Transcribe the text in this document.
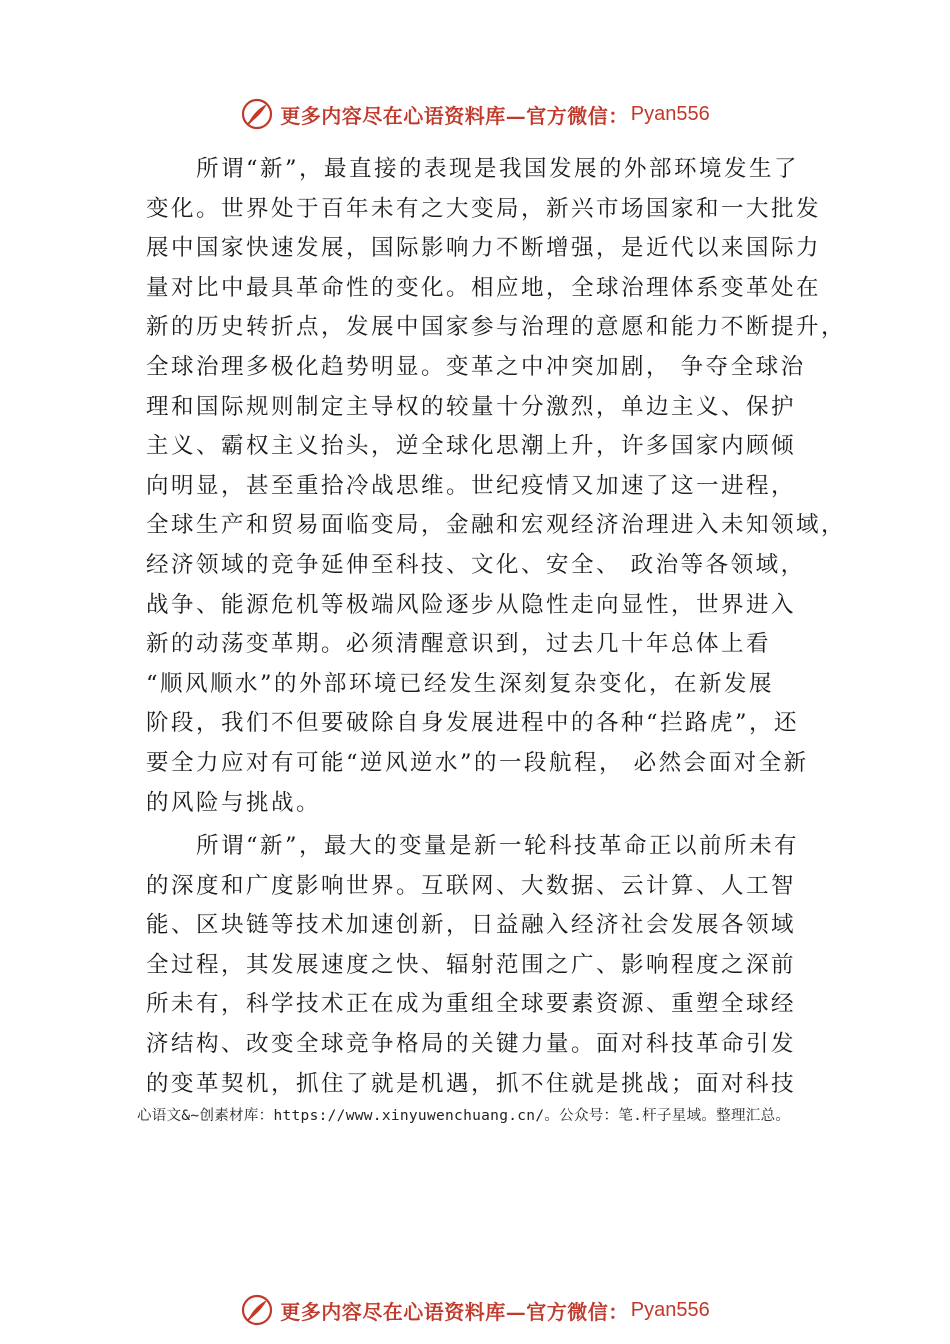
更多内容尽在心语资料库—官方微信： Pyan556
所谓“新”，最直接的表现是我国发展的外部环境发生了
变化。世界处于百年未有之大变局，新兴市场国家和一大批发
展中国家快速发展，国际影响力不断增强，是近代以来国际力
量对比中最具革命性的变化。相应地，全球治理体系变革处在
新的历史转折点，发展中国家参与治理的意愿和能力不断提升，
全球治理多极化趋势明显。变革之中冲突加剧， 争夺全球治
理和国际规则制定主导权的较量十分激烈，单边主义、保护
主义、霸权主义抬头，逆全球化思潮上升，许多国家内顾倾
向明显，甚至重拾冷战思维。世纪疫情又加速了这一进程，
全球生产和贸易面临变局，金融和宏观经济治理进入未知领域，
经济领域的竞争延伸至科技、文化、安全、 政治等各领域，
战争、能源危机等极端风险逐步从隐性走向显性，世界进入
新的动荡变革期。必须清醒意识到，过去几十年总体上看
“顺风顺水”的外部环境已经发生深刻复杂变化，在新发展
阶段，我们不但要破除自身发展进程中的各种“拦路虎”，还
要全力应对有可能“逆风逆水”的一段航程， 必然会面对全新
的风险与挑战。
所谓“新”，最大的变量是新一轮科技革命正以前所未有
的深度和广度影响世界。互联网、大数据、云计算、人工智
能、区块链等技术加速创新，日益融入经济社会发展各领域
全过程，其发展速度之快、辐射范围之广、影响程度之深前
所未有，科学技术正在成为重组全球要素资源、重塑全球经
济结构、改变全球竞争格局的关键力量。面对科技革命引发
的变革契机，抓住了就是机遇，抓不住就是挑战；面对科技
心语文&~创素材库：https://www.xinyuwenchuang.cn/。公众号：笔.杆子星域。整理汇总。
更多内容尽在心语资料库—官方微信： Pyan556
